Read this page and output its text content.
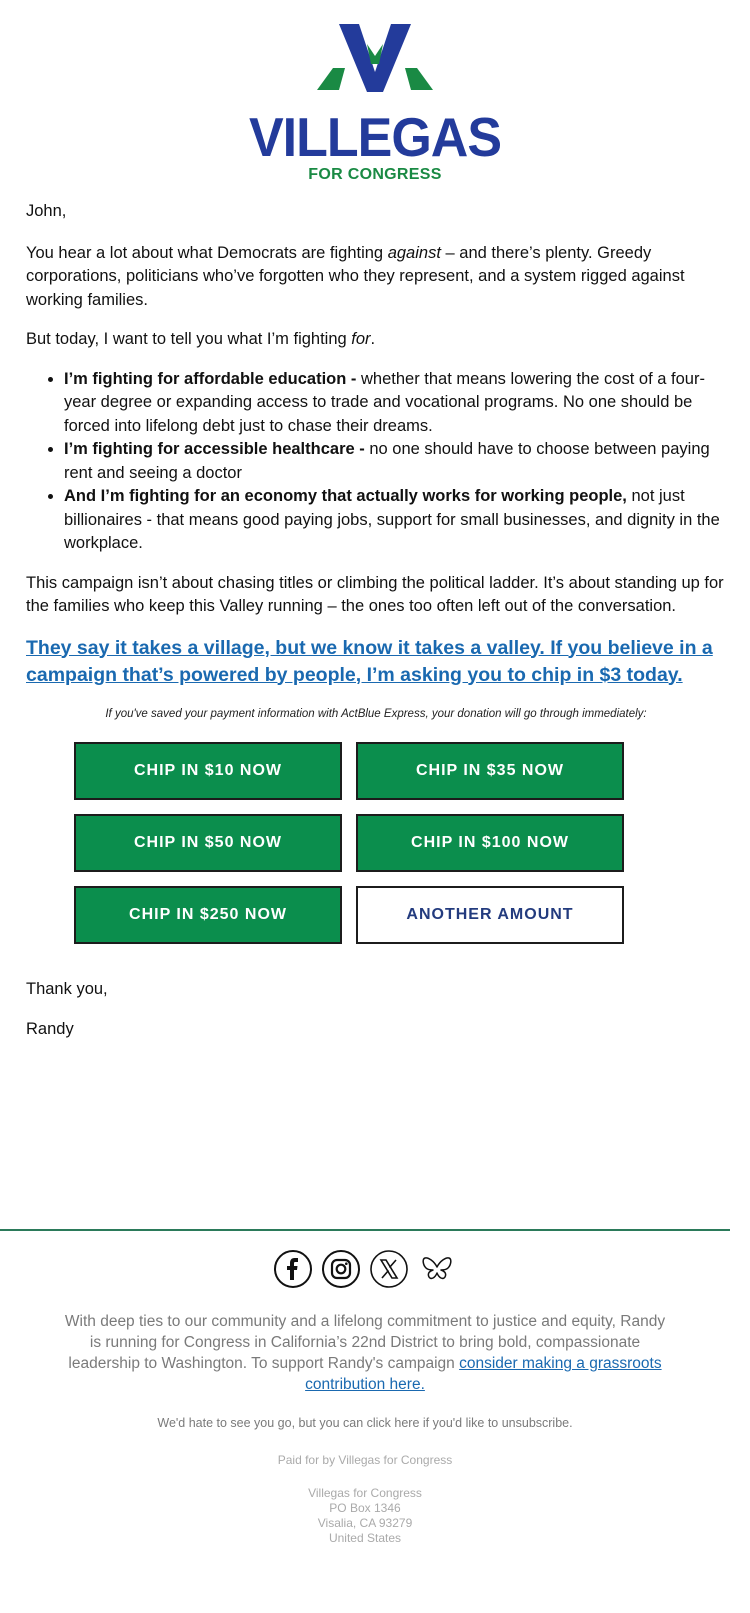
VILLEGAS
FOR CONGRESS

John,

You hear a lot about what Democrats are fighting against – and there’s plenty. Greedy corporations, politicians who’ve forgotten who they represent, and a system rigged against working families.

But today, I want to tell you what I’m fighting for.

• I’m fighting for affordable education - whether that means lowering the cost of a four-year degree or expanding access to trade and vocational programs. No one should be forced into lifelong debt just to chase their dreams.
• I’m fighting for accessible healthcare - no one should have to choose between paying rent and seeing a doctor
• And I’m fighting for an economy that actually works for working people, not just billionaires - that means good paying jobs, support for small businesses, and dignity in the workplace.

This campaign isn’t about chasing titles or climbing the political ladder. It’s about standing up for the families who keep this Valley running – the ones too often left out of the conversation.

They say it takes a village, but we know it takes a valley. If you believe in a campaign that’s powered by people, I’m asking you to chip in $3 today.

If you've saved your payment information with ActBlue Express, your donation will go through immediately:

CHIP IN $10 NOW	CHIP IN $35 NOW
CHIP IN $50 NOW	CHIP IN $100 NOW
CHIP IN $250 NOW	ANOTHER AMOUNT

Thank you,

Randy

With deep ties to our community and a lifelong commitment to justice and equity, Randy is running for Congress in California’s 22nd District to bring bold, compassionate leadership to Washington. To support Randy's campaign consider making a grassroots contribution here.
We'd hate to see you go, but you can click here if you'd like to unsubscribe.
Paid for by Villegas for Congress
Villegas for Congress
PO Box 1346
Visalia, CA 93279
United States
